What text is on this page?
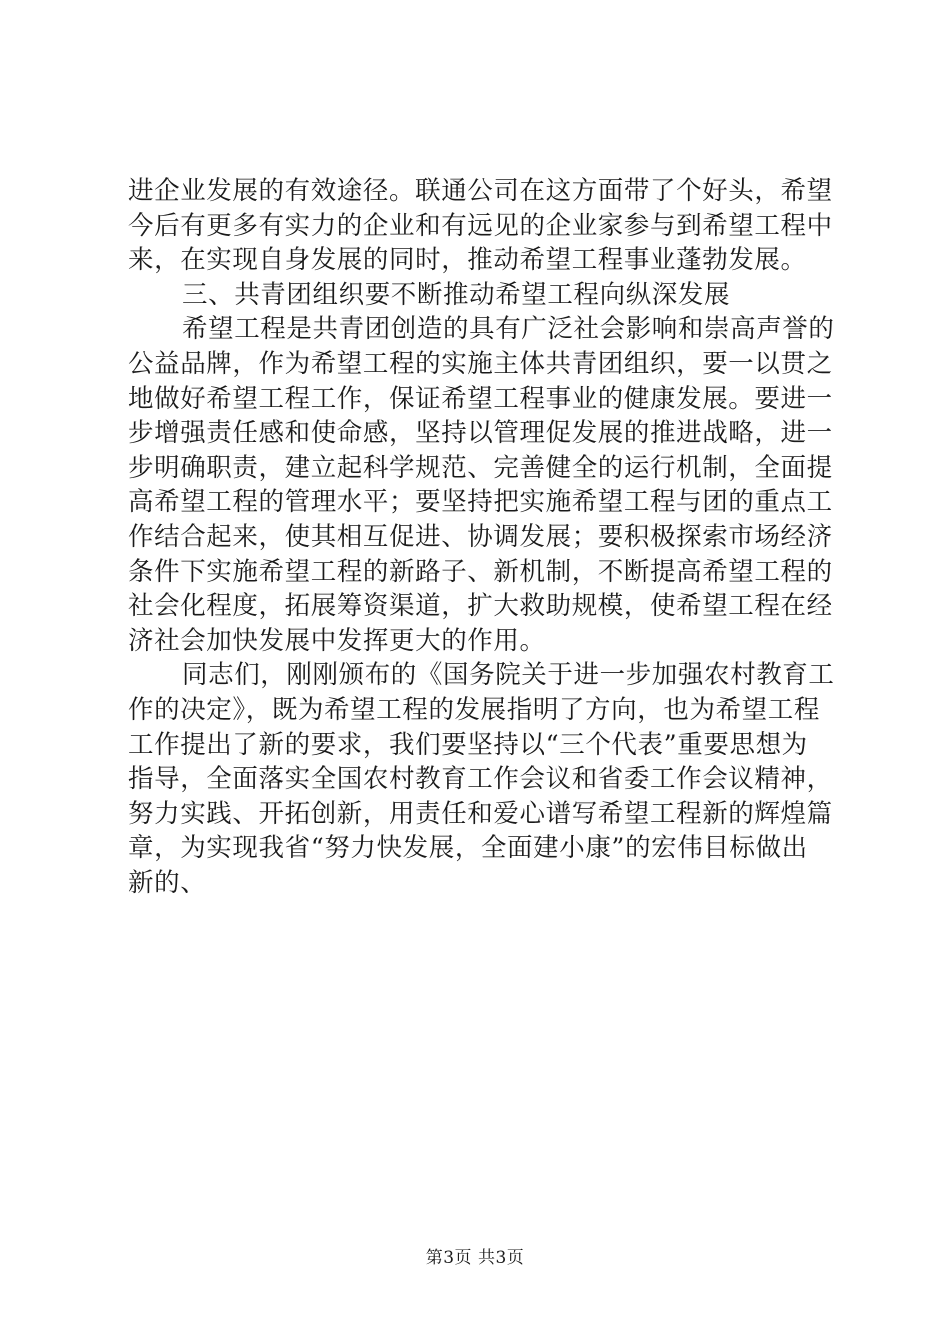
进企业发展的有效途径。联通公司在这方面带了个好头，希望
今后有更多有实力的企业和有远见的企业家参与到希望工程中
来，在实现自身发展的同时，推动希望工程事业蓬勃发展。
三、共青团组织要不断推动希望工程向纵深发展
希望工程是共青团创造的具有广泛社会影响和崇高声誉的
公益品牌，作为希望工程的实施主体共青团组织，要一以贯之
地做好希望工程工作，保证希望工程事业的健康发展。要进一
步增强责任感和使命感，坚持以管理促发展的推进战略，进一
步明确职责，建立起科学规范、完善健全的运行机制，全面提
高希望工程的管理水平；要坚持把实施希望工程与团的重点工
作结合起来，使其相互促进、协调发展；要积极探索市场经济
条件下实施希望工程的新路子、新机制，不断提高希望工程的
社会化程度，拓展筹资渠道，扩大救助规模，使希望工程在经
济社会加快发展中发挥更大的作用。
同志们，刚刚颁布的《国务院关于进一步加强农村教育工
作的决定》，既为希望工程的发展指明了方向，也为希望工程
工作提出了新的要求，我们要坚持以“三个代表”重要思想为
指导，全面落实全国农村教育工作会议和省委工作会议精神，
努力实践、开拓创新，用责任和爱心谱写希望工程新的辉煌篇
章，为实现我省“努力快发展，全面建小康”的宏伟目标做出
新的、
第3页 共3页
